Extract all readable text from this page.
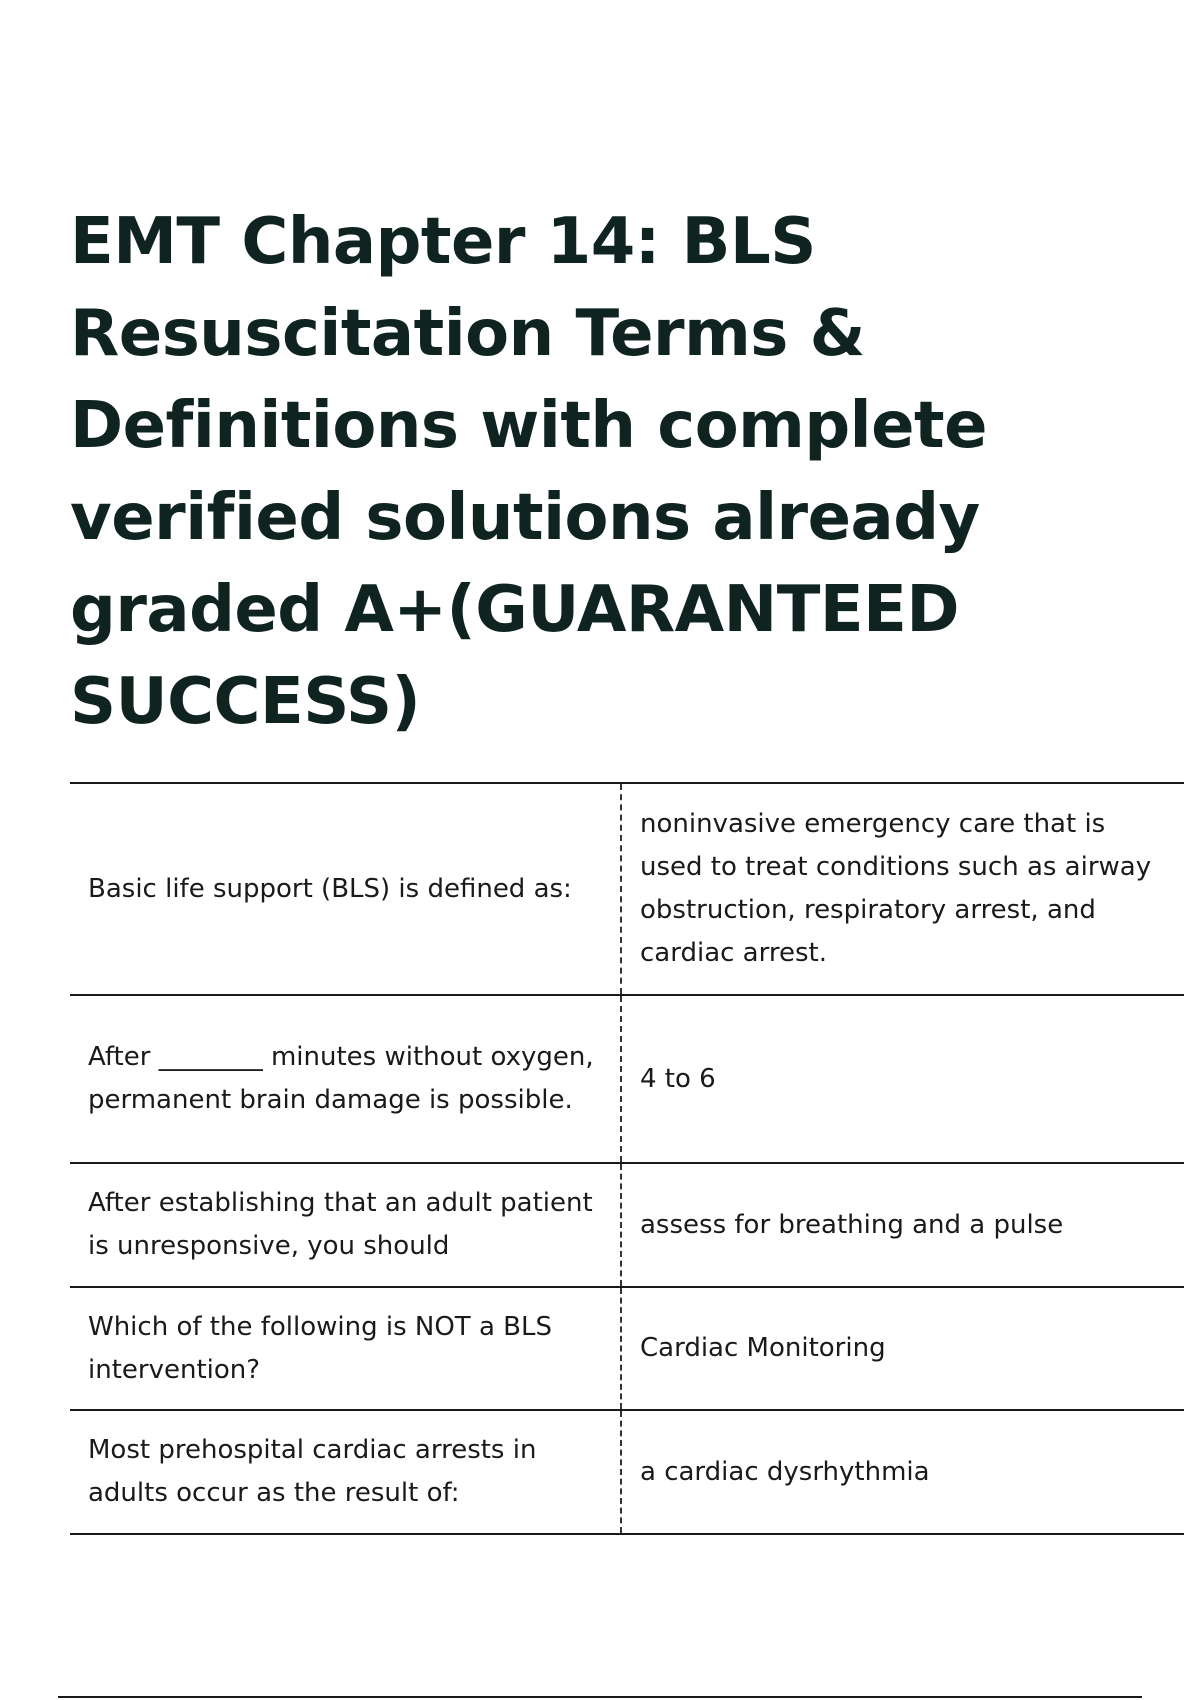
EMT Chapter 14: BLS Resuscitation Terms & Definitions with complete verified solutions already graded A+(GUARANTEED SUCCESS)
Basic life support (BLS) is defined as:	noninvasive emergency care that is used to treat conditions such as airway obstruction, respiratory arrest, and cardiac arrest.
After ________ minutes without oxygen, permanent brain damage is possible.	4 to 6
After establishing that an adult patient is unresponsive, you should	assess for breathing and a pulse
Which of the following is NOT a BLS intervention?	Cardiac Monitoring
Most prehospital cardiac arrests in adults occur as the result of:	a cardiac dysrhythmia
